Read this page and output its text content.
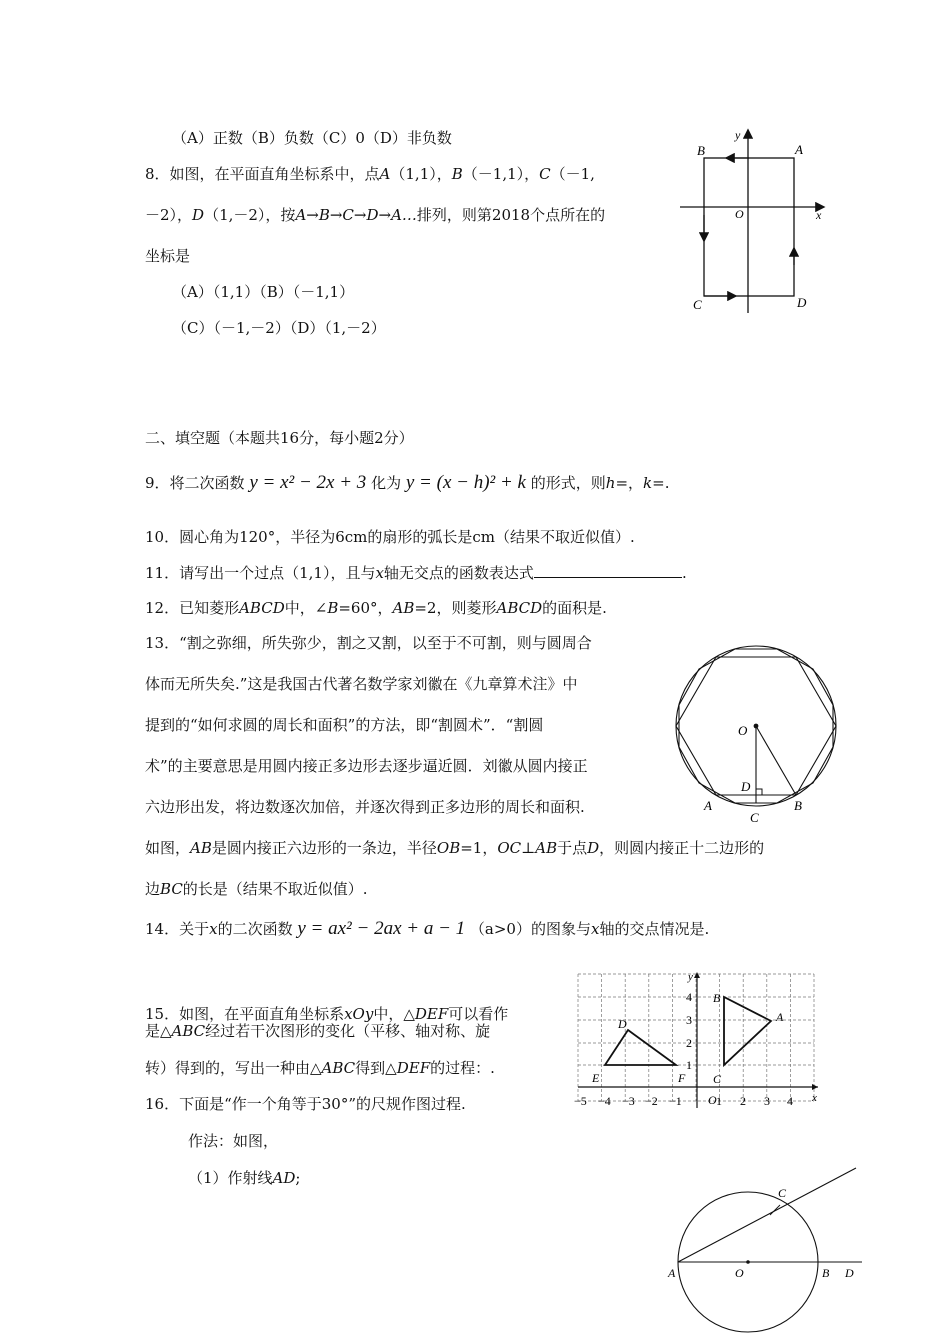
（A）正数（B）负数（C）0（D）非负数
8．如图，在平面直角坐标系中，点A（1,1），B（－1,1），C（－1,
－2），D（1,－2），按A→B→C→D→A…排列，则第2018个点所在的
坐标是
（A）（1,1）（B）（－1,1）
（C）（－1,－2）（D）（1,－2）
B	A
C	D
O	x
y
二、填空题（本题共16分，每小题2分）
9．将二次函数 y = x² − 2x + 3 化为 y = (x − h)² + k 的形式，则h=，k=.
10．圆心角为120°，半径为6cm的扇形的弧长是cm（结果不取近似值）.
11．请写出一个过点（1,1），且与x轴无交点的函数表达式	.
12．已知菱形ABCD中，∠B=60°，AB=2，则菱形ABCD的面积是.
13．“割之弥细，所失弥少，割之又割，以至于不可割，则与圆周合
体而无所失矣.”这是我国古代著名数学家刘徽在《九章算术注》中
提到的“如何求圆的周长和面积”的方法，即“割圆术”．“割圆
术”的主要意思是用圆内接正多边形去逐步逼近圆．刘徽从圆内接正
六边形出发，将边数逐次加倍，并逐次得到正多边形的周长和面积.
如图，AB是圆内接正六边形的一条边，半径OB=1，OC⊥AB于点D，则圆内接正十二边形的
边BC的长是（结果不取近似值）.
O
A	B
C
D
14．关于x的二次函数 y = ax² − 2ax + a − 1 （a>0）的图象与x轴的交点情况是.
15．如图，在平面直角坐标系xOy中，△DEF可以看作
是△ABC经过若干次图形的变化（平移、轴对称、旋
转）得到的，写出一种由△ABC得到△DEF的过程：.
−5 −4 −3 −2 −1	1 2 3 4
1
2
3
4
O	x
y
A
B
C
D
E	F
16．下面是“作一个角等于30°”的尺规作图过程.
作法：如图，
（1）作射线AD;
A	O	B D
C
